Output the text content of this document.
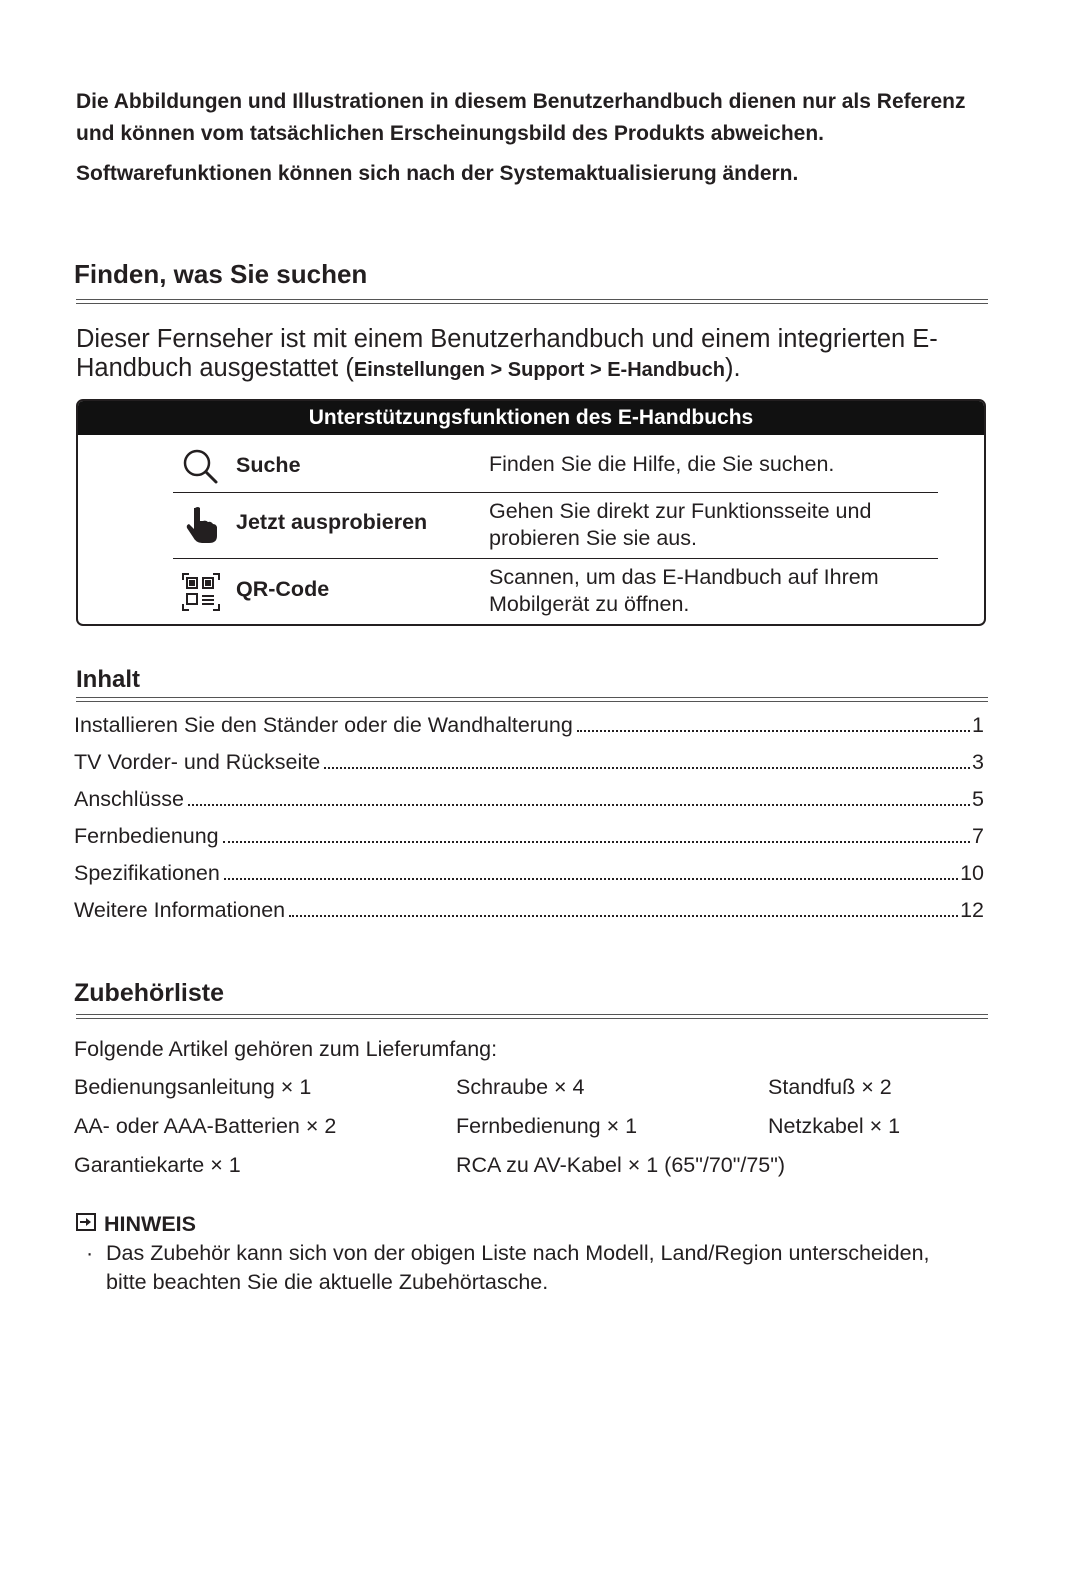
Die Abbildungen und Illustrationen in diesem Benutzerhandbuch dienen nur als Referenz und können vom tatsächlichen Erscheinungsbild des Produkts abweichen.

Softwarefunktionen können sich nach der Systemaktualisierung ändern.

Finden, was Sie suchen
Dieser Fernseher ist mit einem Benutzerhandbuch und einem integrierten E-Handbuch ausgestattet (Einstellungen > Support > E-Handbuch).
Unterstützungsfunktionen des E-Handbuchs
Suche	Finden Sie die Hilfe, die Sie suchen.
Jetzt ausprobieren	Gehen Sie direkt zur Funktionsseite und probieren Sie sie aus.
QR-Code	Scannen, um das E-Handbuch auf Ihrem Mobilgerät zu öffnen.
Inhalt
Installieren Sie den Ständer oder die Wandhalterung	1
TV Vorder- und Rückseite	3
Anschlüsse	5
Fernbedienung	7
Spezifikationen	10
Weitere Informationen	12
Zubehörliste
Folgende Artikel gehören zum Lieferumfang:
Bedienungsanleitung × 1	Schraube × 4	Standfuß × 2
AA- oder AAA-Batterien × 2	Fernbedienung × 1	Netzkabel × 1
Garantiekarte × 1	RCA zu AV-Kabel × 1 (65"/70"/75")
HINWEIS
· Das Zubehör kann sich von der obigen Liste nach Modell, Land/Region unterscheiden, bitte beachten Sie die aktuelle Zubehörtasche.
